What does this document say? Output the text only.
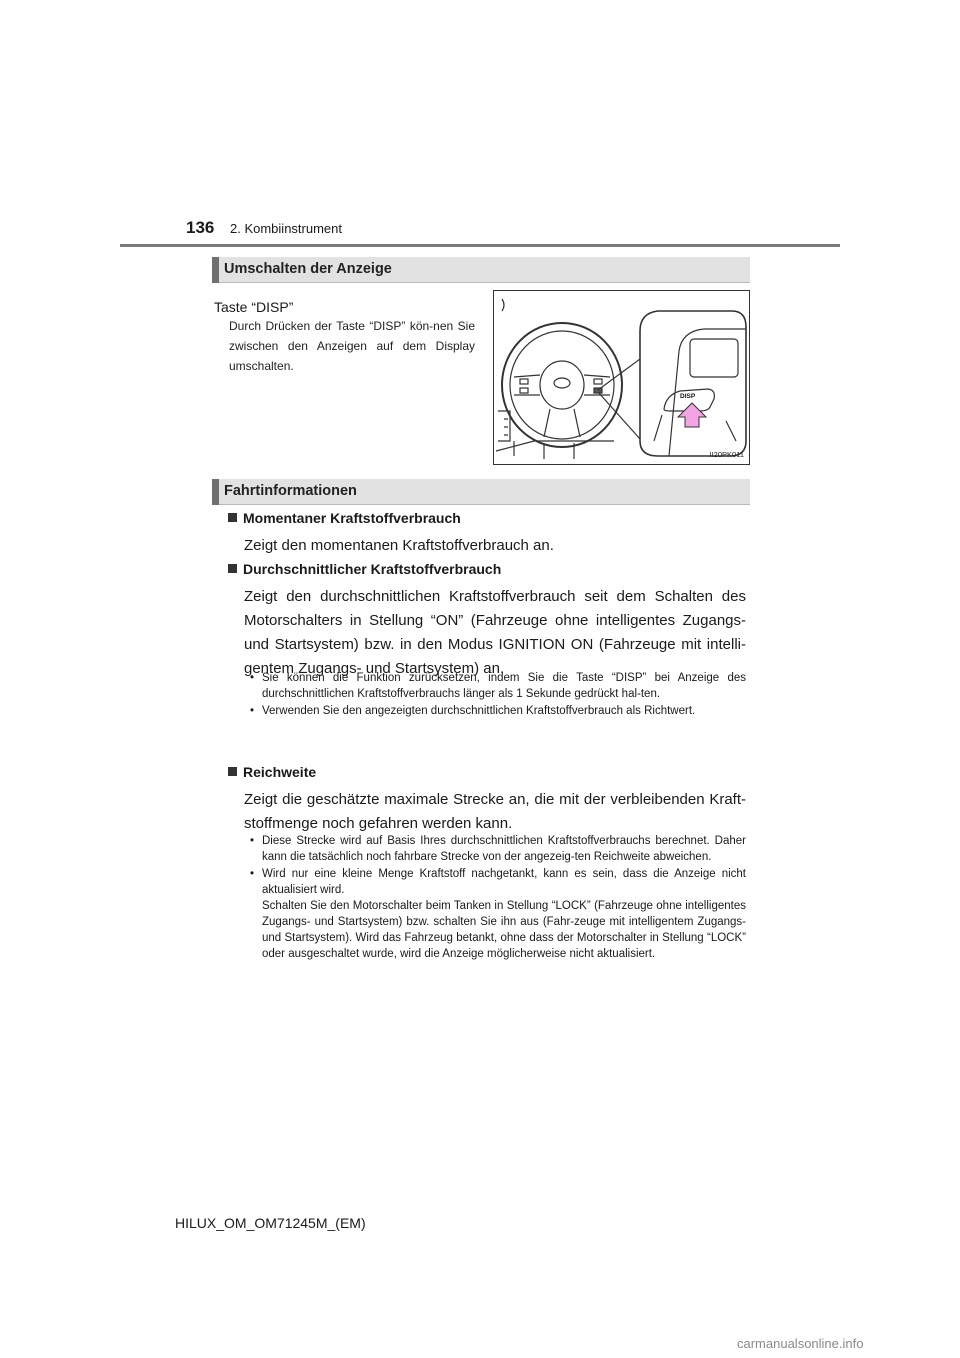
136 2. Kombiinstrument
Umschalten der Anzeige
Taste “DISP”
Durch Drücken der Taste “DISP” kön-nen Sie zwischen den Anzeigen auf dem Display umschalten.
DISP
II20PK011
Fahrtinformationen
Momentaner Kraftstoffverbrauch
Zeigt den momentanen Kraftstoffverbrauch an.
Durchschnittlicher Kraftstoffverbrauch
Zeigt den durchschnittlichen Kraftstoffverbrauch seit dem Schalten des Motorschalters in Stellung “ON” (Fahrzeuge ohne intelligentes Zugangs- und Startsystem) bzw. in den Modus IGNITION ON (Fahrzeuge mit intelli-gentem Zugangs- und Startsystem) an.
• Sie können die Funktion zurücksetzen, indem Sie die Taste “DISP” bei Anzeige des durchschnittlichen Kraftstoffverbrauchs länger als 1 Sekunde gedrückt hal-ten.
• Verwenden Sie den angezeigten durchschnittlichen Kraftstoffverbrauch als Richtwert.
Reichweite
Zeigt die geschätzte maximale Strecke an, die mit der verbleibenden Kraft-stoffmenge noch gefahren werden kann.
• Diese Strecke wird auf Basis Ihres durchschnittlichen Kraftstoffverbrauchs berechnet. Daher kann die tatsächlich noch fahrbare Strecke von der angezeig-ten Reichweite abweichen.
• Wird nur eine kleine Menge Kraftstoff nachgetankt, kann es sein, dass die Anzeige nicht aktualisiert wird.
Schalten Sie den Motorschalter beim Tanken in Stellung “LOCK” (Fahrzeuge ohne intelligentes Zugangs- und Startsystem) bzw. schalten Sie ihn aus (Fahr-zeuge mit intelligentem Zugangs- und Startsystem). Wird das Fahrzeug betankt, ohne dass der Motorschalter in Stellung “LOCK” oder ausgeschaltet wurde, wird die Anzeige möglicherweise nicht aktualisiert.
HILUX_OM_OM71245M_(EM)
carmanualsonline.info
